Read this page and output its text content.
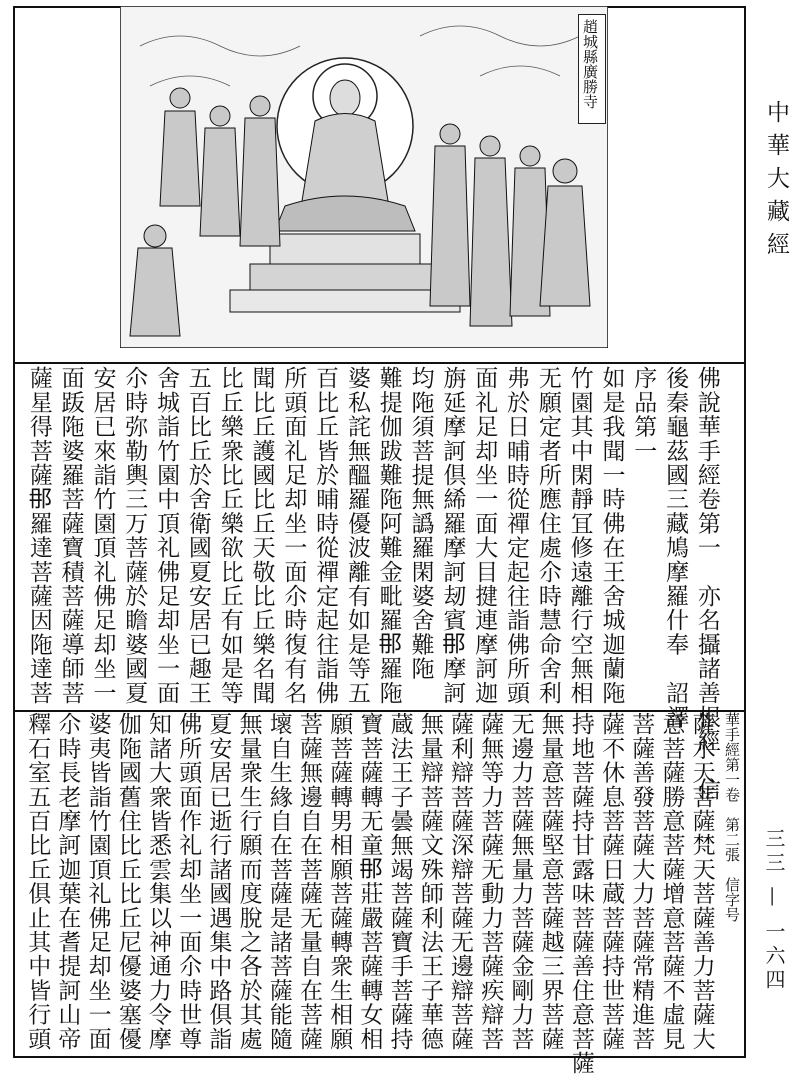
趙城縣廣勝寺
佛說華手經卷第一　亦名攝諸善根經　信
後秦龜茲國三藏鳩摩羅什奉　詔譯
序品第一
如是我聞一時佛在王舍城迦蘭陁
竹園其中閑靜冝修遠離行空無相
无願定者所應住處尒時慧命舍利
弗於日晡時從禪定起往詣佛所頭
面礼足却坐一面大目揵連摩訶迦
旃延摩訶倶絺羅摩訶刼賓𨙻摩訶
均陁須菩提無譌羅閑婆舍難陁
難提伽跋難陁阿難金毗羅𨙻羅陁
婆私詫無醞羅優波離有如是等五
百比丘皆於晡時從禪定起往詣佛
所頭面礼足却坐一面尒時復有名
聞比丘護國比丘天敬比丘樂名聞
比丘樂衆比丘樂欲比丘有如是等
五百比丘於舍衛國夏安居已趣王
舍城詣竹園中頂礼佛足却坐一面
尒時弥勒輿三万菩薩於瞻婆國夏
安居已來詣竹園頂礼佛足却坐一
面䟦陁婆羅菩薩寶積菩薩導師菩
薩星得菩薩𨙻羅達菩薩因陁達菩
薩水天菩薩梵天菩薩善力菩薩大
意菩薩勝意菩薩增意菩薩不虛見
菩薩善發菩薩大力菩薩常精進菩
薩不休息菩薩日蔵菩薩持世菩薩
持地菩薩持甘露味菩薩善住意菩薩
無量意菩薩堅意菩薩越三界菩薩
无邊力菩薩無量力菩薩金剛力菩
薩無等力菩薩无動力菩薩疾辯菩
薩利辯菩薩深辯菩薩无邊辯菩薩
無量辯菩薩文殊師利法王子華德
蔵法王子曇無竭菩薩寶手菩薩持
寶菩薩轉无童𨙻莊嚴菩薩轉女相
願菩薩轉男相願菩薩轉衆生相願
菩薩無邊自在菩薩无量自在菩薩
壞自生緣自在菩薩是諸菩薩能隨
無量衆生行願而度脫之各於其處
夏安居已逝行諸國遇集中路俱詣
佛所頭面作礼却坐一面尒時世尊
知諸大衆皆悉雲集以神通力令摩
伽陁國舊住比丘比丘尼優婆塞優
婆夷皆詣竹園頂礼佛足却坐一面
尒時長老摩訶迦葉在耆提訶山帝
釋石室五百比丘俱止其中皆行頭	華手經第一卷　第二張　信字号
中華大藏經
三三 — 一六四
